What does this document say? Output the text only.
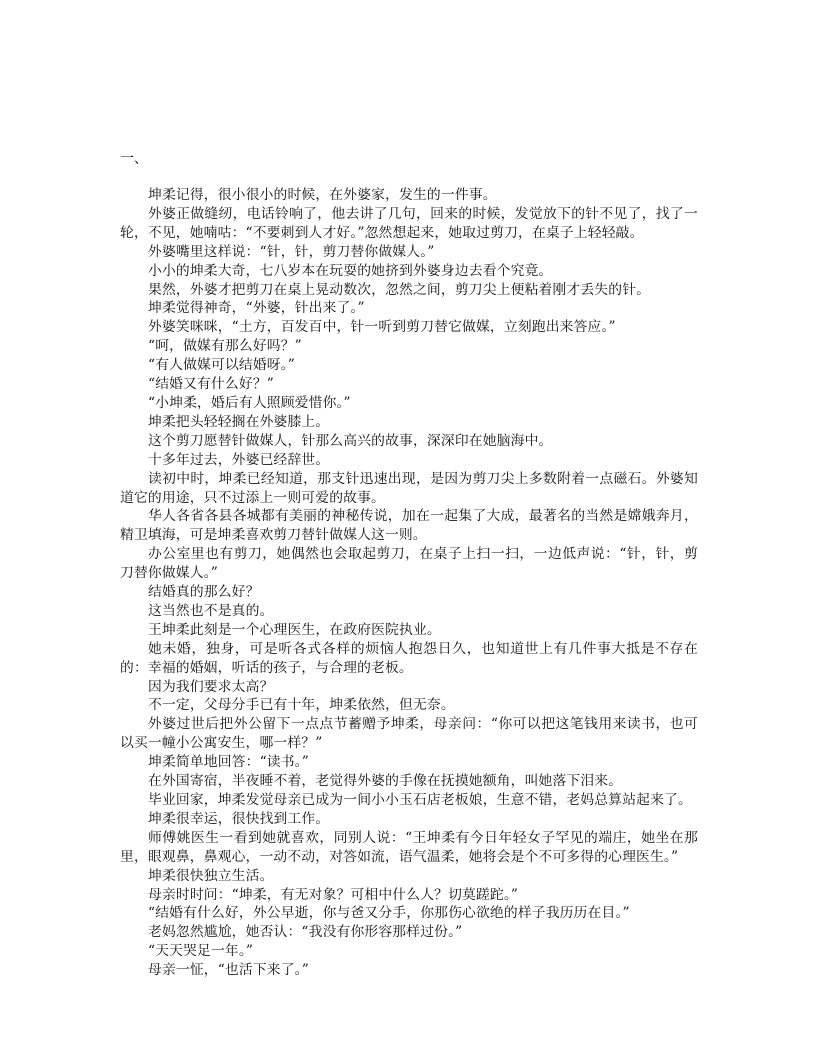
一、

坤柔记得，很小很小的时候，在外婆家，发生的一件事。

外婆正做缝纫，电话铃响了，他去讲了几句，回来的时候，发觉放下的针不见了，找了一轮，不见，她喃咕：“不要刺到人才好。”忽然想起来，她取过剪刀，在桌子上轻轻敲。

外婆嘴里这样说：“针，针，剪刀替你做媒人。”

小小的坤柔大奇，七八岁本在玩耍的她挤到外婆身边去看个究竟。

果然，外婆才把剪刀在桌上晃动数次，忽然之间，剪刀尖上便粘着刚才丢失的针。

坤柔觉得神奇，“外婆，针出来了。”

外婆笑咪咪，“土方，百发百中，针一听到剪刀替它做媒，立刻跑出来答应。”

“呵，做媒有那么好吗？”

“有人做媒可以结婚呀。”

“结婚又有什么好？”

“小坤柔，婚后有人照顾爱惜你。”

坤柔把头轻轻搁在外婆膝上。

这个剪刀愿替针做媒人，针那么高兴的故事，深深印在她脑海中。

十多年过去，外婆已经辞世。

读初中时，坤柔已经知道，那支针迅速出现，是因为剪刀尖上多数附着一点磁石。外婆知道它的用途，只不过添上一则可爱的故事。

华人各省各县各城都有美丽的神秘传说，加在一起集了大成，最著名的当然是嫦娥奔月，精卫填海，可是坤柔喜欢剪刀替针做媒人这一则。

办公室里也有剪刀，她偶然也会取起剪刀，在桌子上扫一扫，一边低声说：“针，针，剪刀替你做媒人。”

结婚真的那么好？

这当然也不是真的。

王坤柔此刻是一个心理医生，在政府医院执业。

她未婚，独身，可是听各式各样的烦恼人抱怨日久，也知道世上有几件事大抵是不存在的：幸福的婚姻，听话的孩子，与合理的老板。

因为我们要求太高？

不一定，父母分手已有十年，坤柔依然，但无奈。

外婆过世后把外公留下一点点节蓄赠予坤柔，母亲问：“你可以把这笔钱用来读书，也可以买一幢小公寓安生，哪一样？”

坤柔简单地回答：“读书。”

在外国寄宿，半夜睡不着，老觉得外婆的手像在抚摸她额角，叫她落下泪来。

毕业回家，坤柔发觉母亲已成为一间小小玉石店老板娘，生意不错，老妈总算站起来了。

坤柔很幸运，很快找到工作。

师傅姚医生一看到她就喜欢，同别人说：“王坤柔有今日年轻女子罕见的端庄，她坐在那里，眼观鼻，鼻观心，一动不动，对答如流，语气温柔，她将会是个不可多得的心理医生。”

坤柔很快独立生活。

母亲时时问：“坤柔，有无对象？可相中什么人？切莫蹉跎。”

“结婚有什么好，外公早逝，你与爸又分手，你那伤心欲绝的样子我历历在目。”

老妈忽然尴尬，她否认：“我没有你形容那样过份。”

“天天哭足一年。”

母亲一怔，“也活下来了。”
